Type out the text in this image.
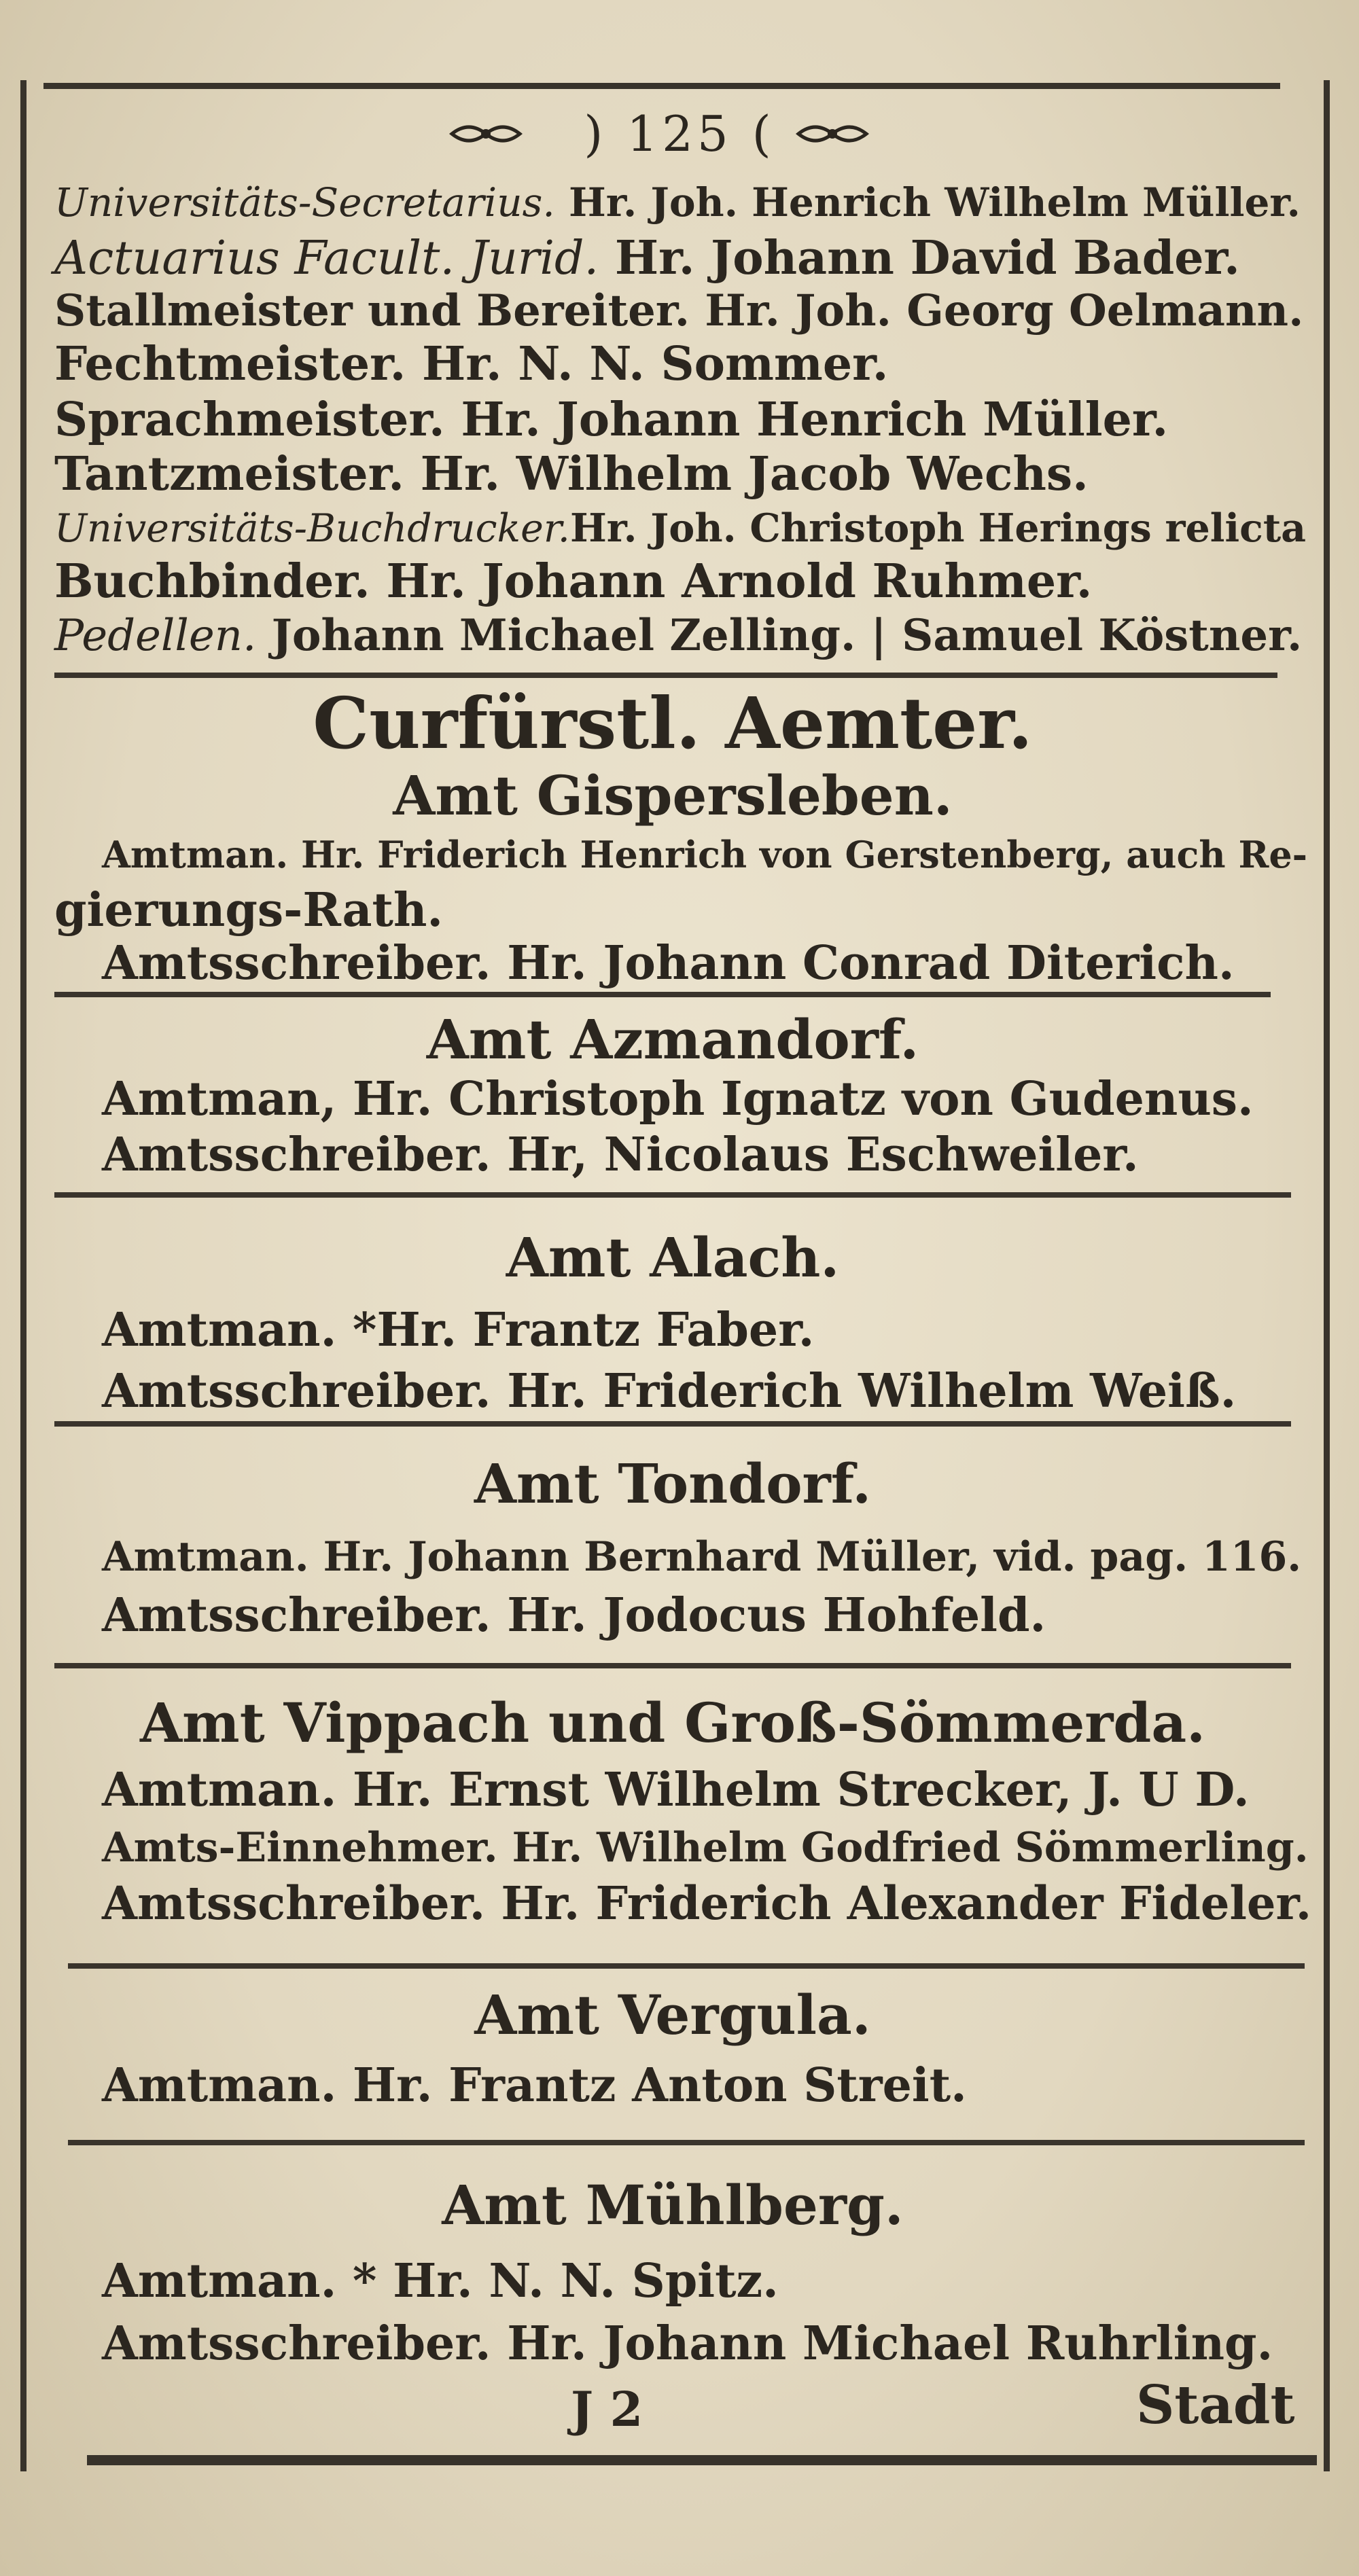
) 125 (
Universitäts-Secretarius. Hr. Joh. Henrich Wilhelm Müller.
Actuarius Facult. Jurid. Hr. Johann David Bader.
Stallmeister und Bereiter. Hr. Joh. Georg Oelmann.
Fechtmeister. Hr. N. N. Sommer.
Sprachmeister. Hr. Johann Henrich Müller.
Tantzmeister. Hr. Wilhelm Jacob Wechs.
Universitäts-Buchdrucker.Hr. Joh. Christoph Herings relicta
Buchbinder. Hr. Johann Arnold Ruhmer.
Pedellen. Johann Michael Zelling. | Samuel Köstner.
Curfürstl. Aemter.
Amt Gispersleben.
Amtman. Hr. Friderich Henrich von Gerstenberg, auch Re-
gierungs-Rath.
Amtsschreiber. Hr. Johann Conrad Diterich.
Amt Azmandorf.
Amtman, Hr. Christoph Ignatz von Gudenus.
Amtsschreiber. Hr, Nicolaus Eschweiler.
Amt Alach.
Amtman. *Hr. Frantz Faber.
Amtsschreiber. Hr. Friderich Wilhelm Weiß.
Amt Tondorf.
Amtman. Hr. Johann Bernhard Müller, vid. pag. 116.
Amtsschreiber. Hr. Jodocus Hohfeld.
Amt Vippach und Groß-Sömmerda.
Amtman. Hr. Ernst Wilhelm Strecker, J. U D.
Amts-Einnehmer. Hr. Wilhelm Godfried Sömmerling.
Amtsschreiber. Hr. Friderich Alexander Fideler.
Amt Vergula.
Amtman. Hr. Frantz Anton Streit.
Amt Mühlberg.
Amtman. * Hr. N. N. Spitz.
Amtsschreiber. Hr. Johann Michael Ruhrling.
J 2	Stadt
